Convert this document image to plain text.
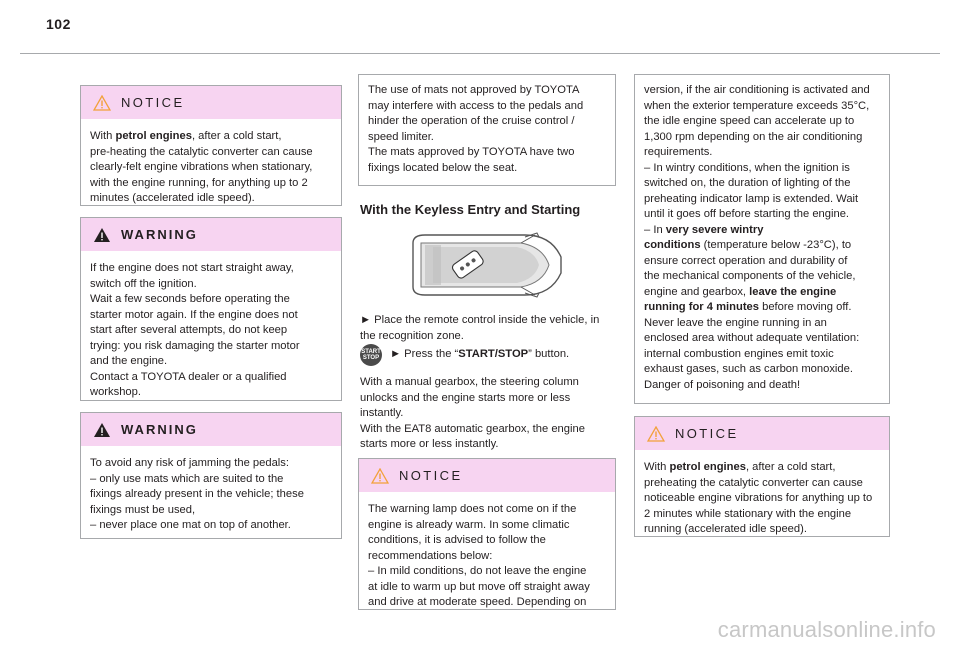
102
NOTICE

With petrol engines, after a cold start,
pre-heating the catalytic converter can cause
clearly-felt engine vibrations when stationary,
with the engine running, for anything up to 2
minutes (accelerated idle speed).

WARNING

If the engine does not start straight away,
switch off the ignition.
Wait a few seconds before operating the
starter motor again. If the engine does not
start after several attempts, do not keep
trying: you risk damaging the starter motor
and the engine.
Contact a TOYOTA dealer or a qualified
workshop.

WARNING

To avoid any risk of jamming the pedals:
– only use mats which are suited to the
fixings already present in the vehicle; these
fixings must be used,
– never place one mat on top of another.

The use of mats not approved by TOYOTA
may interfere with access to the pedals and
hinder the operation of the cruise control /
speed limiter.
The mats approved by TOYOTA have two
fixings located below the seat.

With the Keyless Entry and Starting

► Place the remote control inside the vehicle, in
the recognition zone.

START
STOP ► Press the “START/STOP” button.

With a manual gearbox, the steering column
unlocks and the engine starts more or less
instantly.
With the EAT8 automatic gearbox, the engine
starts more or less instantly.

NOTICE

The warning lamp does not come on if the
engine is already warm. In some climatic
conditions, it is advised to follow the
recommendations below:
– In mild conditions, do not leave the engine
at idle to warm up but move off straight away
and drive at moderate speed. Depending on

version, if the air conditioning is activated and
when the exterior temperature exceeds 35°C,
the idle engine speed can accelerate up to
1,300 rpm depending on the air conditioning
requirements.
– In wintry conditions, when the ignition is
switched on, the duration of lighting of the
preheating indicator lamp is extended. Wait
until it goes off before starting the engine.
– In very severe wintry
conditions (temperature below -23°C), to
ensure correct operation and durability of
the mechanical components of the vehicle,
engine and gearbox, leave the engine
running for 4 minutes before moving off.
Never leave the engine running in an
enclosed area without adequate ventilation:
internal combustion engines emit toxic
exhaust gases, such as carbon monoxide.
Danger of poisoning and death!

NOTICE

With petrol engines, after a cold start,
preheating the catalytic converter can cause
noticeable engine vibrations for anything up to
2 minutes while stationary with the engine
running (accelerated idle speed).

carmanualsonline.info
